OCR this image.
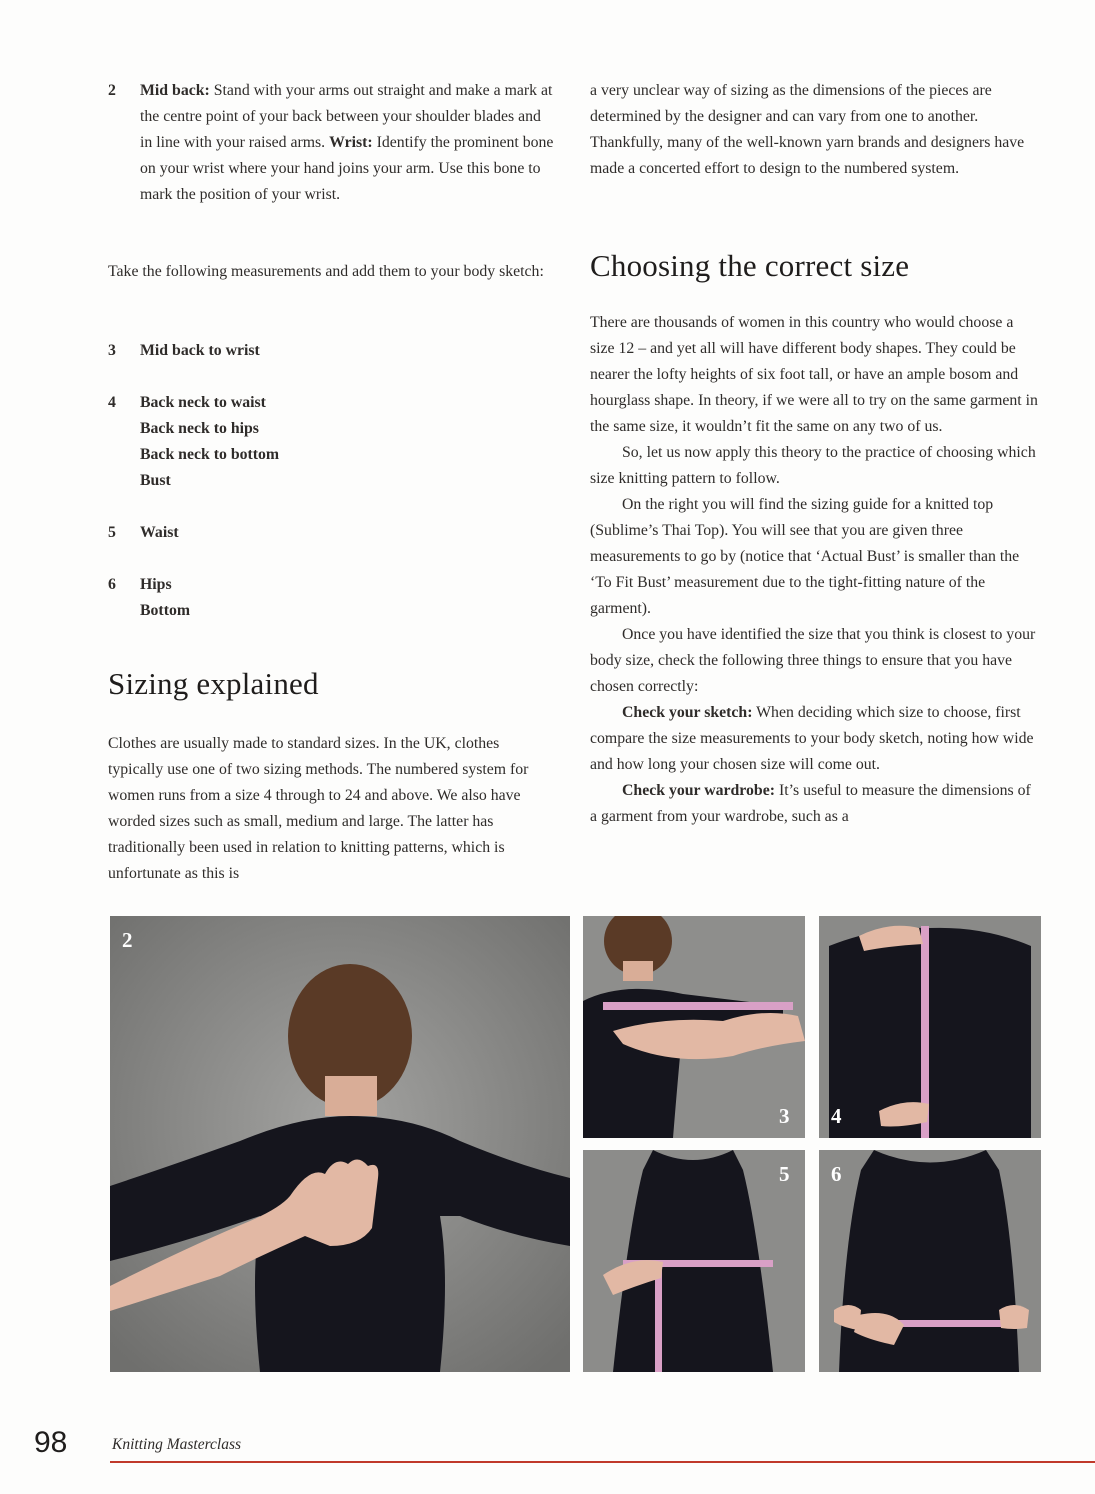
2 Mid back: Stand with your arms out straight and make a mark at the centre point of your back between your shoulder blades and in line with your raised arms. Wrist: Identify the prominent bone on your wrist where your hand joins your arm. Use this bone to mark the position of your wrist.

Take the following measurements and add them to your body sketch:

3 Mid back to wrist
4 Back neck to waist
Back neck to hips
Back neck to bottom
Bust
5 Waist
6 Hips
Bottom
Sizing explained

Clothes are usually made to standard sizes. In the UK, clothes typically use one of two sizing methods. The numbered system for women runs from a size 4 through to 24 and above. We also have worded sizes such as small, medium and large. The latter has traditionally been used in relation to knitting patterns, which is unfortunate as this is

a very unclear way of sizing as the dimensions of the pieces are determined by the designer and can vary from one to another. Thankfully, many of the well-known yarn brands and designers have made a concerted effort to design to the numbered system.

Choosing the correct size

There are thousands of women in this country who would choose a size 12 – and yet all will have different body shapes. They could be nearer the lofty heights of six foot tall, or have an ample bosom and hourglass shape. In theory, if we were all to try on the same garment in the same size, it wouldn’t fit the same on any two of us.

So, let us now apply this theory to the practice of choosing which size knitting pattern to follow.

On the right you will find the sizing guide for a knitted top (Sublime’s Thai Top). You will see that you are given three measurements to go by (notice that ‘Actual Bust’ is smaller than the ‘To Fit Bust’ measurement due to the tight-fitting nature of the garment).

Once you have identified the size that you think is closest to your body size, check the following three things to ensure that you have chosen correctly:

Check your sketch: When deciding which size to choose, first compare the size measurements to your body sketch, noting how wide and how long your chosen size will come out.

Check your wardrobe: It’s useful to measure the dimensions of a garment from your wardrobe, such as a

2
3 4
5 6
98	Knitting Masterclass
